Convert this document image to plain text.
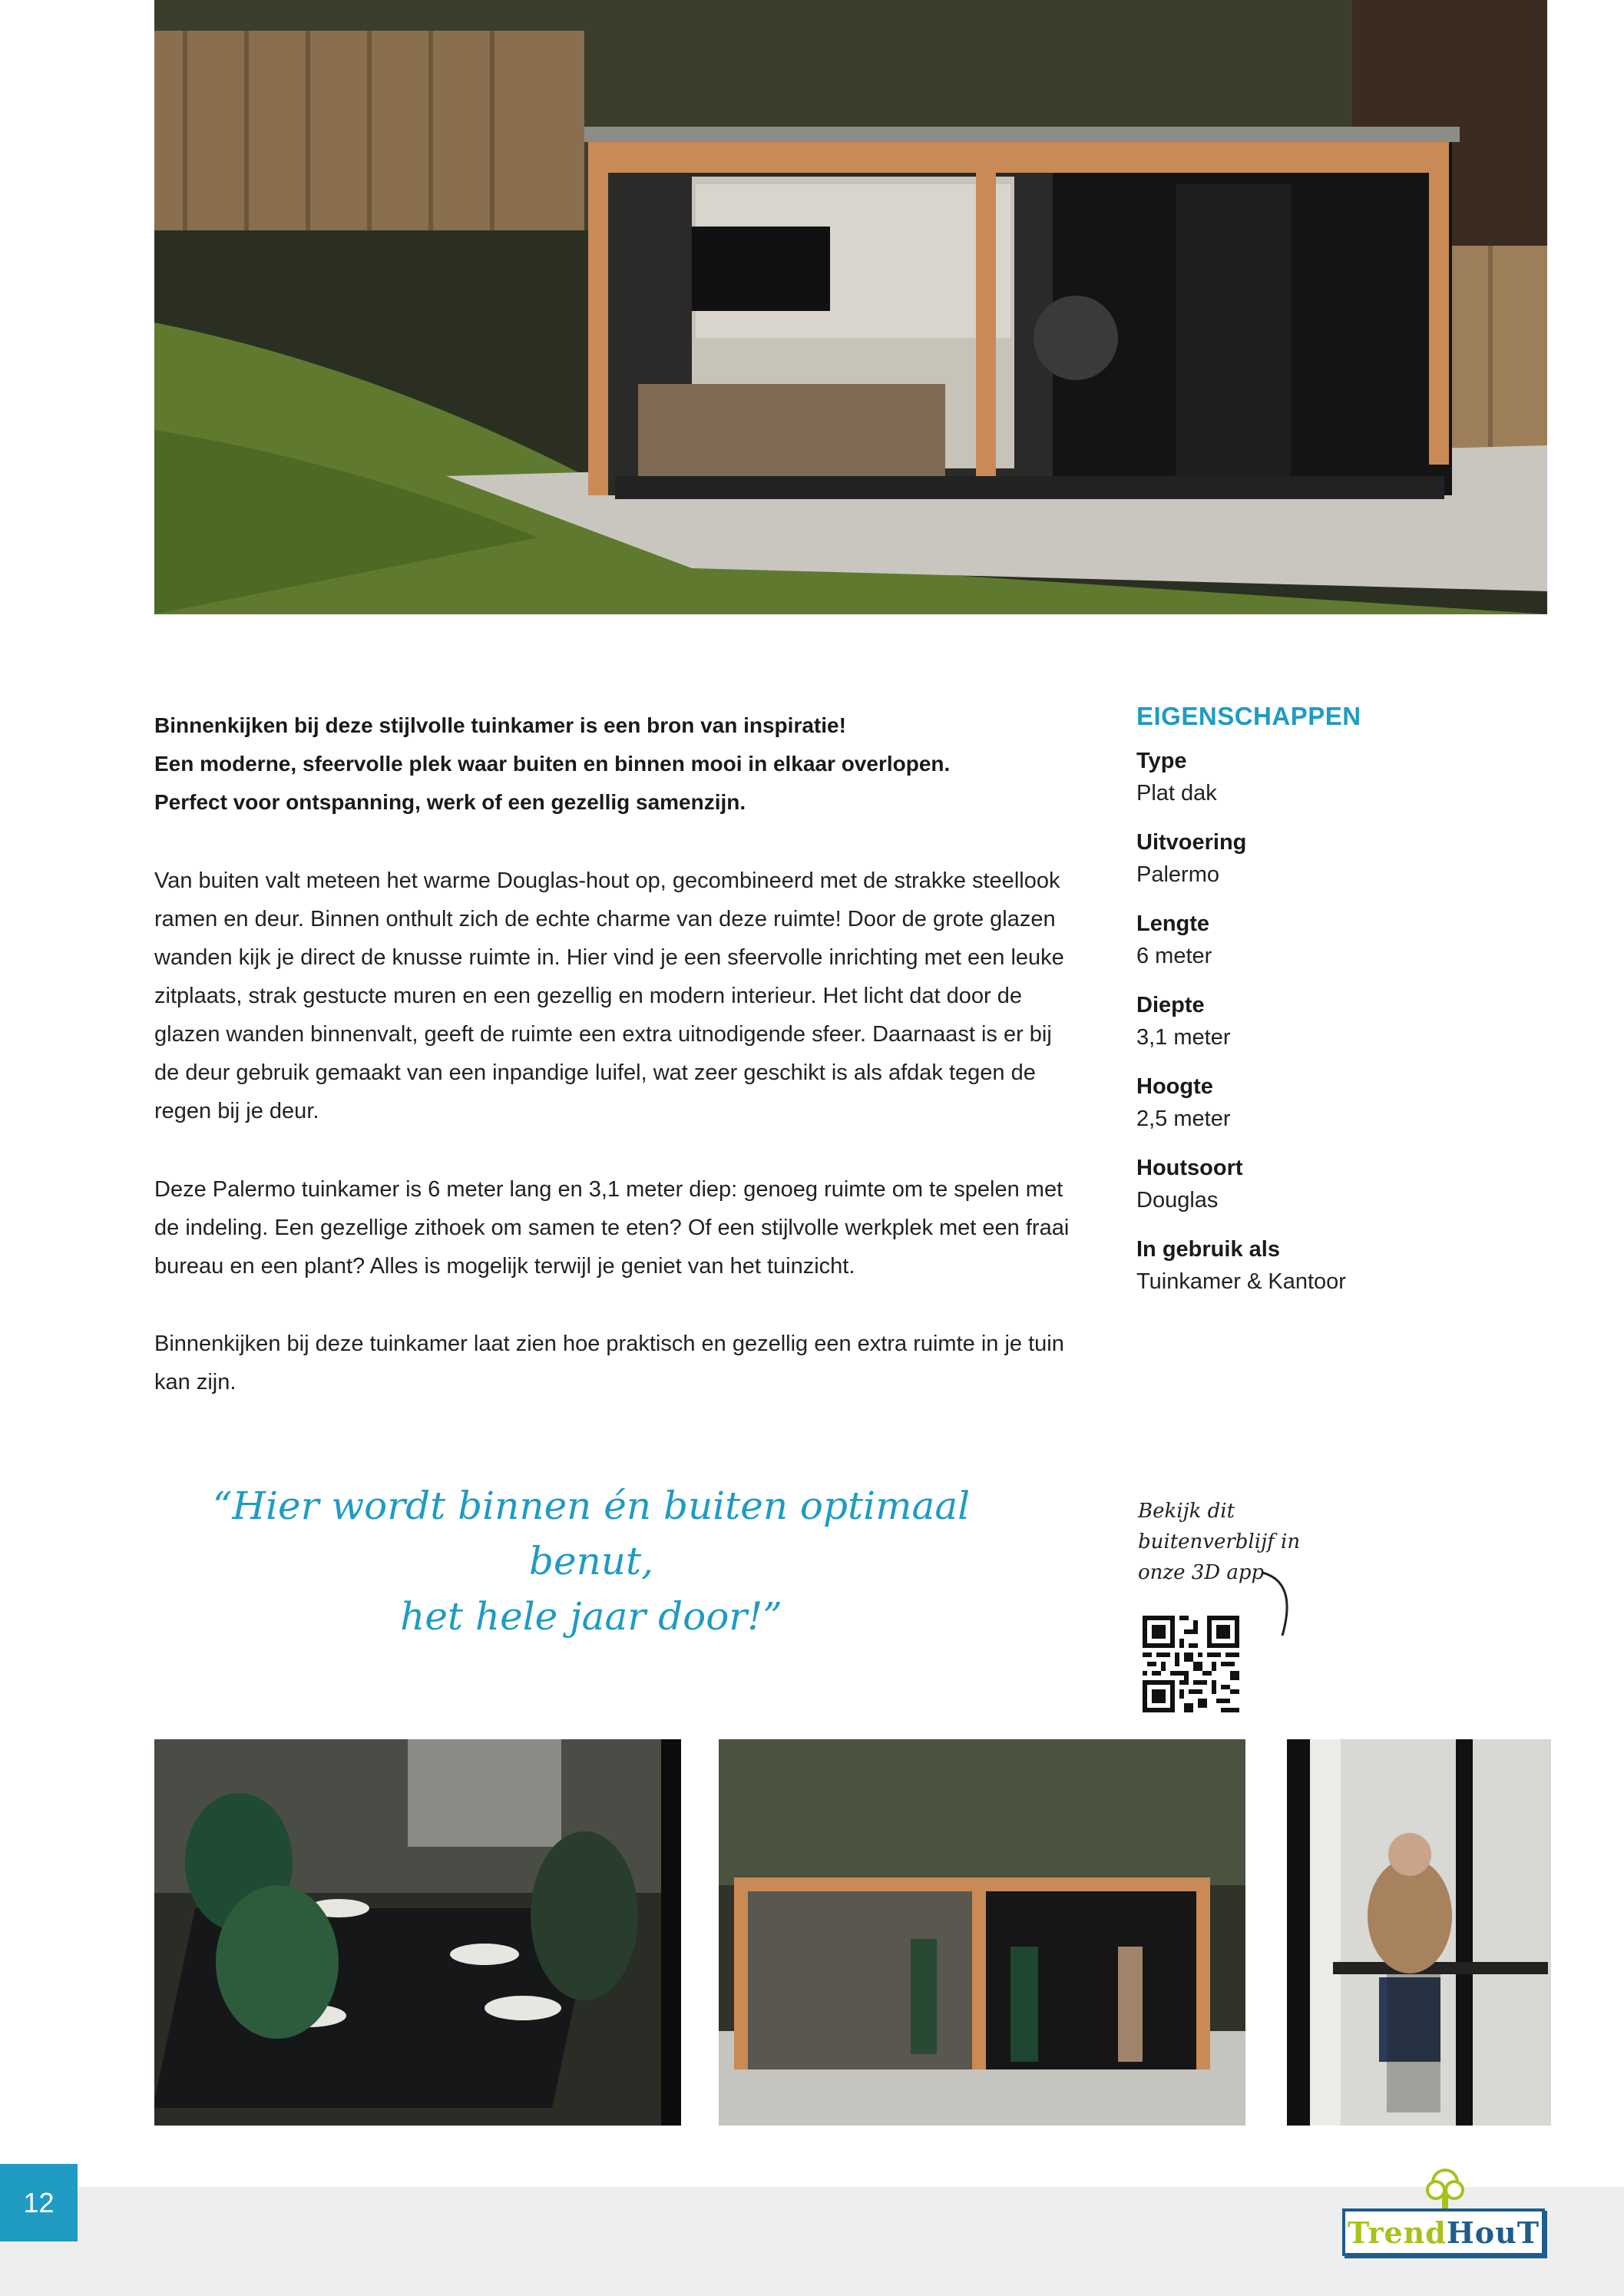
Binnenkijken bij deze stijlvolle tuinkamer is een bron van inspiratie!

Een moderne, sfeervolle plek waar buiten en binnen mooi in elkaar overlopen.

Perfect voor ontspanning, werk of een gezellig samenzijn.

Van buiten valt meteen het warme Douglas-hout op, gecombineerd met de strakke steellook ramen en deur. Binnen onthult zich de echte charme van deze ruimte! Door de grote glazen wanden kijk je direct de knusse ruimte in. Hier vind je een sfeervolle inrichting met een leuke zitplaats, strak gestucte muren en een gezellig en modern interieur. Het licht dat door de glazen wanden binnenvalt, geeft de ruimte een extra uitnodigende sfeer. Daarnaast is er bij de deur gebruik gemaakt van een inpandige luifel, wat zeer geschikt is als afdak tegen de regen bij je deur.

Deze Palermo tuinkamer is 6 meter lang en 3,1 meter diep: genoeg ruimte om te spelen met de indeling. Een gezellige zithoek om samen te eten? Of een stijlvolle werkplek met een fraai bureau en een plant? Alles is mogelijk terwijl je geniet van het tuinzicht.

Binnenkijken bij deze tuinkamer laat zien hoe praktisch en gezellig een extra ruimte in je tuin kan zijn.

EIGENSCHAPPEN
Type
Plat dak
Uitvoering
Palermo
Lengte
6 meter
Diepte
3,1 meter
Hoogte
2,5 meter
Houtsoort
Douglas
In gebruik als
Tuinkamer & Kantoor
“Hier wordt binnen én buiten optimaal benut,
het hele jaar door!”
Bekijk dit
buitenverblijf in
onze 3D app
12
Trend HouT
